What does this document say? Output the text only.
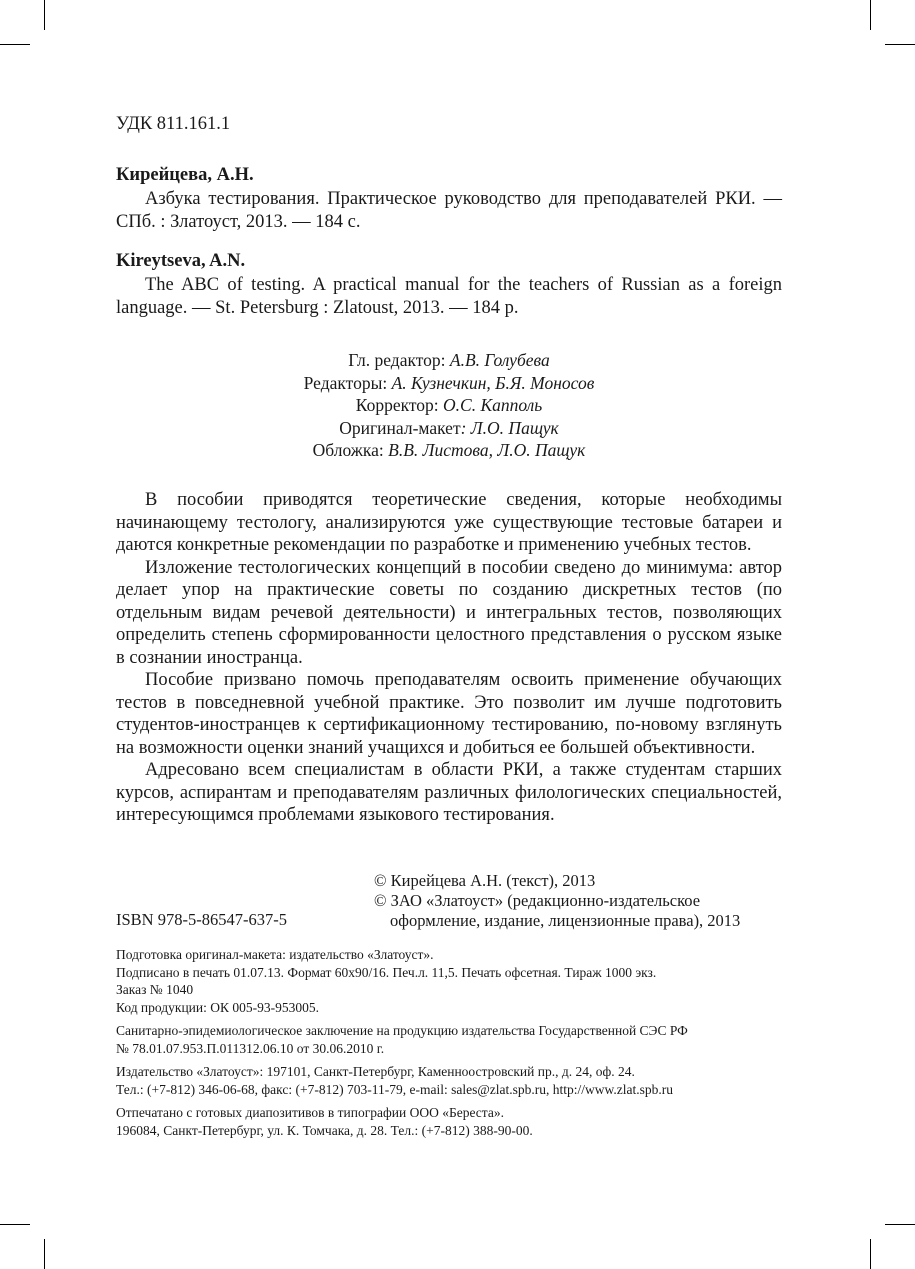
УДК 811.161.1

Кирейцева, А.Н.

Азбука тестирования. Практическое руководство для преподавателей РКИ. — СПб. : Златоуст, 2013. — 184 с.

Kireytseva, A.N.

The ABC of testing. A practical manual for the teachers of Russian as a foreign language. — St. Petersburg : Zlatoust, 2013. — 184 p.

Гл. редактор: А.В. Голубева

Редакторы: А. Кузнечкин, Б.Я. Моносов

Корректор: О.С. Капполь

Оригинал-макет: Л.О. Пащук

Обложка: В.В. Листова, Л.О. Пащук

В пособии приводятся теоретические сведения, которые необходимы начинающему тестологу, анализируются уже существующие тестовые батареи и даются конкретные рекомендации по разработке и применению учебных тестов.

Изложение тестологических концепций в пособии сведено до минимума: автор делает упор на практические советы по созданию дискретных тестов (по отдельным видам речевой деятельности) и интегральных тестов, позволяющих определить степень сформированности целостного представления о русском языке в сознании иностранца.

Пособие призвано помочь преподавателям освоить применение обучающих тестов в повседневной учебной практике. Это позволит им лучше подготовить студентов-иностранцев к сертификационному тестированию, по-новому взглянуть на возможности оценки знаний учащихся и добиться ее большей объективности.

Адресовано всем специалистам в области РКИ, а также студентам старших курсов, аспирантам и преподавателям различных филологических специальностей, интересующимся проблемами языкового тестирования.

© Кирейцева А.Н. (текст), 2013

© ЗАО «Златоуст» (редакционно-издательское оформление, издание, лицензионные права), 2013

ISBN 978-5-86547-637-5

Подготовка оригинал-макета: издательство «Златоуст».

Подписано в печать 01.07.13. Формат 60х90/16. Печ.л. 11,5. Печать офсетная. Тираж 1000 экз.

Заказ № 1040

Код продукции: ОК 005-93-953005.

Санитарно-эпидемиологическое заключение на продукцию издательства Государственной СЭС РФ

№ 78.01.07.953.П.011312.06.10 от 30.06.2010 г.

Издательство «Златоуст»: 197101, Санкт-Петербург, Каменноостровский пр., д. 24, оф. 24.

Тел.: (+7-812) 346-06-68, факс: (+7-812) 703-11-79, e-mail: sales@zlat.spb.ru, http://www.zlat.spb.ru

Отпечатано с готовых диапозитивов в типографии ООО «Береста».

196084, Санкт-Петербург, ул. К. Томчака, д. 28. Тел.: (+7-812) 388-90-00.
